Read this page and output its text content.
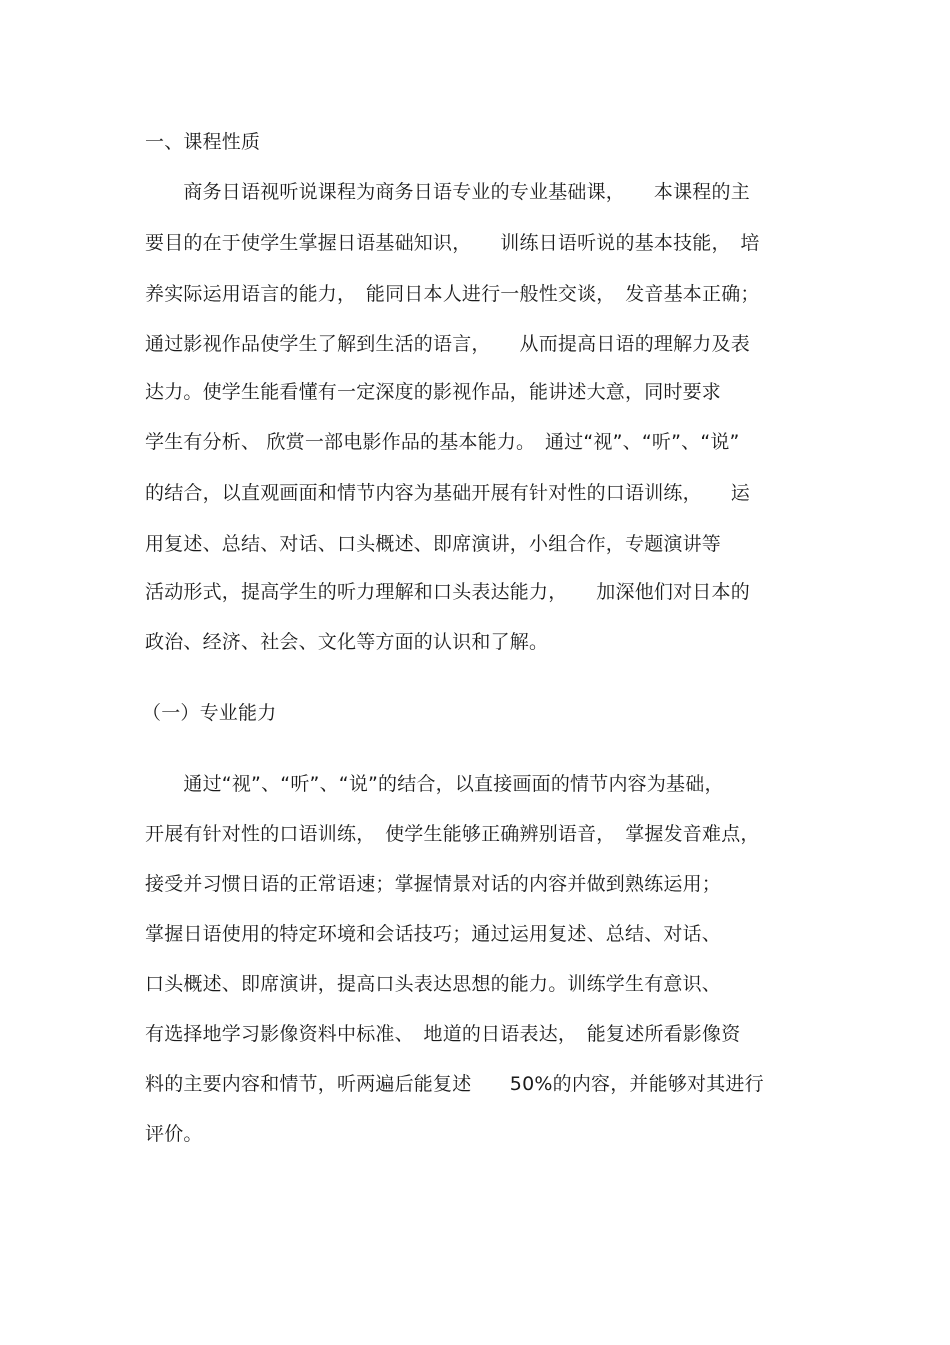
一、课程性质
　　商务日语视听说课程为商务日语专业的专业基础课，　　本课程的主
要目的在于使学生掌握日语基础知识，　　训练日语听说的基本技能，　培
养实际运用语言的能力，　能同日本人进行一般性交谈，　发音基本正确；
通过影视作品使学生了解到生活的语言，　　从而提高日语的理解力及表
达力。使学生能看懂有一定深度的影视作品，能讲述大意，同时要求
学生有分析、 欣赏一部电影作品的基本能力。　通过“视”、“听”、“说”
的结合，以直观画面和情节内容为基础开展有针对性的口语训练，　　运
用复述、总结、对话、口头概述、即席演讲，小组合作，专题演讲等
活动形式，提高学生的听力理解和口头表达能力，　　加深他们对日本的
政治、经济、社会、文化等方面的认识和了解。
（一）专业能力
　　通过“视”、“听”、“说”的结合，以直接画面的情节内容为基础，
开展有针对性的口语训练，　使学生能够正确辨别语音，　掌握发音难点，
接受并习惯日语的正常语速；掌握情景对话的内容并做到熟练运用；
掌握日语使用的特定环境和会话技巧；通过运用复述、总结、对话、
口头概述、即席演讲，提高口头表达思想的能力。训练学生有意识、
有选择地学习影像资料中标准、　地道的日语表达，　能复述所看影像资
料的主要内容和情节，听两遍后能复述　　50%的内容，并能够对其进行
评价。
